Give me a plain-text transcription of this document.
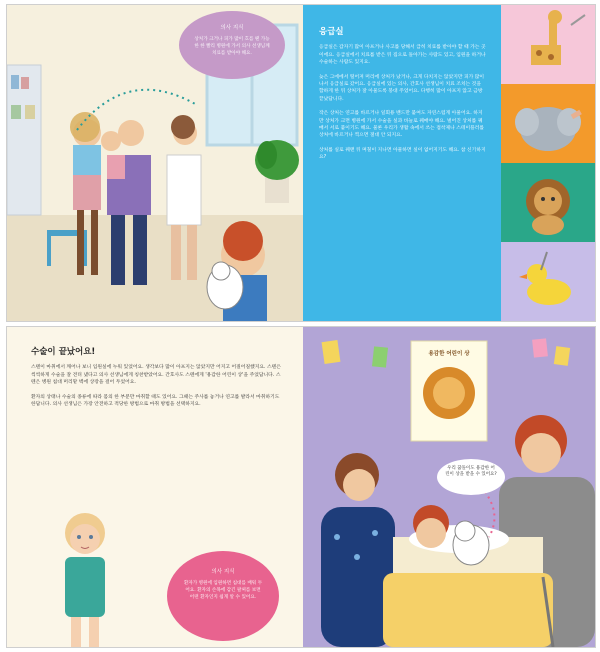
의사 지식
상처가 크거나 피가 많이 흐를 땐 가능한 한 빨리 병원에 가서 의사 선생님께 치료를 받아야 해요.
응급실
응급실은 갑자기 많이 아프거나 사고를 당해서 급히 치료를 받아야 할 때 가는 곳이에요. 응급실에서 치료를 받은 뒤 집으로 돌아가는 사람도 있고, 입원을 하거나 수술하는 사람도 있지요.
늦은 그에에서 떨어져 머리에 상처가 났거나, 크게 다치지는 않았지만 피가 많이 나서 응급실로 갔어요. 응급실에 있는 의사, 간호사 선생님이 치료 조치는 것을 합하게 한 뒤 상처가 잘 아물도록 붕대 주었어요. 다행히 많이 아프지 않고 금방 끝났답니다.
작은 상처는 연고를 바르거나 일회용 밴드만 붙여도 자연스럽게 아물어요. 하지만 상처가 크면 병원에 가서 수술을 실과 바늘로 꿰매야 해요. 벌어진 상처를 꿰매서 서로 붙이기도 해요. 물론 우리가 생활 속에서 쓰는 접착제나 스테이플러를 상처에 바르거나 찍으면 절대 안 되지요.
상처를 실로 꿰맨 뒤 며칠이 지나면 아물하면 실이 없어지기도 해요. 참 신기하지요?
수술이 끝났어요!
스텐이 마취에서 깨어나 보니 입원실에 누워 있었어요. 생각보다 많이 아프지는 않았지만 어지고 어질어질했지요. 스텐은 씩씩하게 수술을 잘 견뎌 냈다고 의사 선생님에게 칭찬받았어요. 간호사도 스텐에게 '용감한 어린이 상'을 주었답니다. 스텐은 병원 침대 머리맡 벽에 상장을 걸어 두었어요.
환자의 상태나 수술의 종류에 따라 몸의 한 부분만 마취할 때도 있어요. 그때는 주사를 놓거나 연고를 발라서 마취하기도 한답니다. 의사 선생님은 가장 안전하고 적당한 방법으로 마취 방법을 선택하지요.
의사 지식
환자가 병원에 입원하면 침대를 배워 두어요. 환자의 손목에 감긴 팔찌를 보면 어떤 환자인지 쉽게 알 수 있어요.
용감한 어린이 상
우리 꿈돌이도 용감한 어린이 상을 받을 수 있어요?
